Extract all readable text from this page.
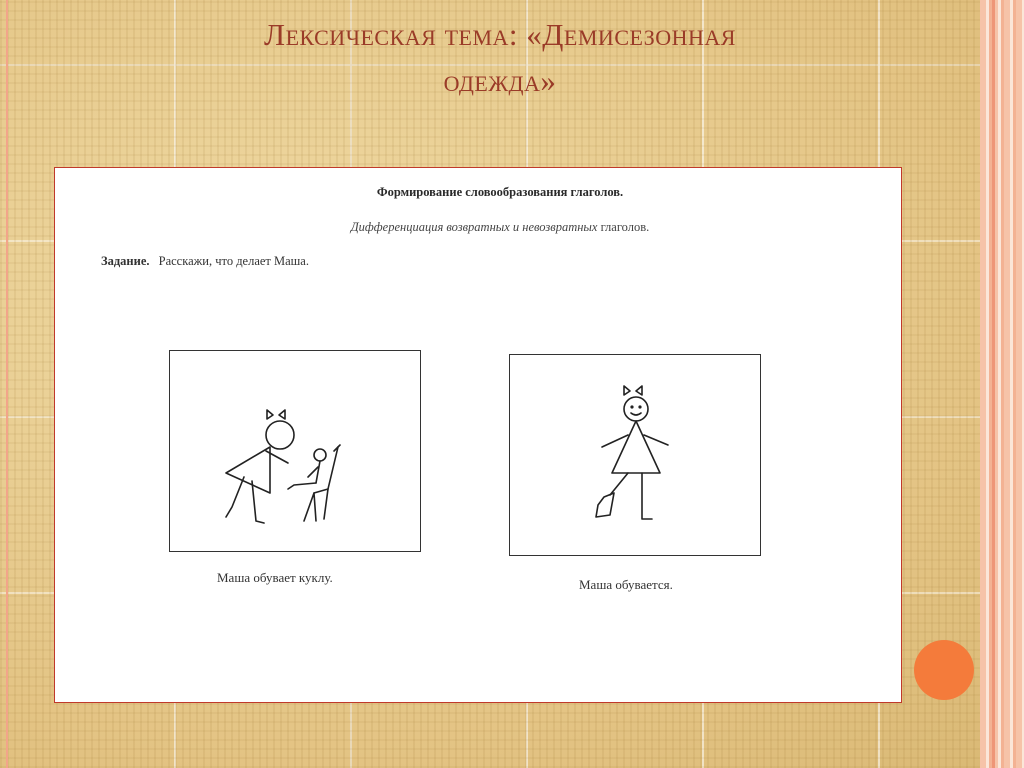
Лексическая тема: «Демисезонная
одежда»
Формирование словообразования глаголов.
Дифференциация возвратных и невозвратных глаголов.
Задание. Расскажи, что делает Маша.
Маша обувает куклу.	Маша обувается.
